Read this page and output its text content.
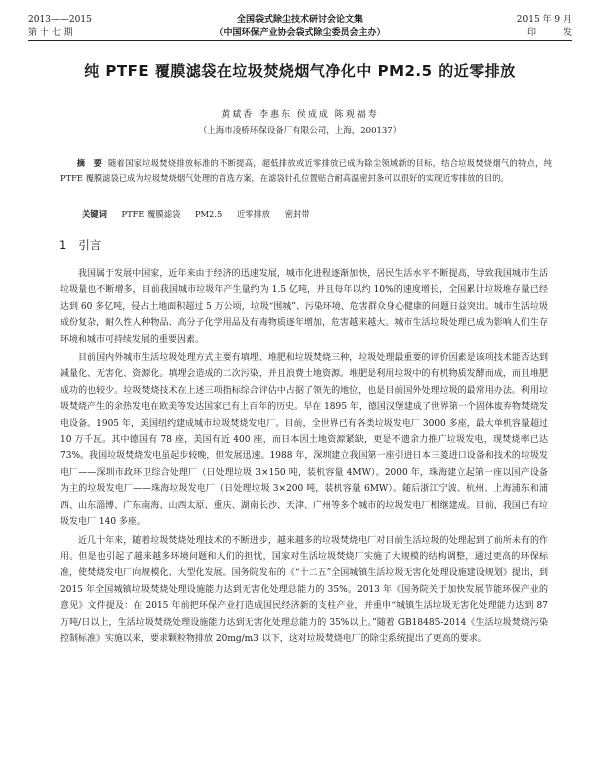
2013——2015	全国袋式除尘技术研讨会论文集	2015 年 9 月
第 十 七 期	（中国环保产业协会袋式除尘委员会主办）	印　　　发
纯 PTFE 覆膜滤袋在垃圾焚烧烟气净化中 PM2.5 的近零排放
黄斌香 李惠东 侯成成 陈观福寿
（上海市凌桥环保设备厂有限公司，上海，200137）

摘　要 随着国家垃圾焚烧排放标准的不断提高，超低排放或近零排放已成为除尘领域新的目标，结合垃圾焚烧烟气的特点，纯 PTFE 覆膜滤袋已成为垃圾焚烧烟气处理的首选方案，在滤袋针孔位置贴合耐高温密封条可以很好的实现近零排放的目的。

关键词 PTFE 覆膜滤袋 PM2.5 近零排放 密封带
1 引言

我国属于发展中国家，近年来由于经济的迅速发展，城市化进程逐渐加快，居民生活水平不断提高，导致我国城市生活垃圾量也不断增多，目前我国城市垃圾年产生量约为 1.5 亿吨，并且每年以约 10%的速度增长，全国累计垃圾堆存量已经达到 60 多亿吨，侵占土地面积超过 5 万公顷，垃圾“围城”、污染环境、危害群众身心健康的问题日益突出。城市生活垃圾成份复杂，耐久性人种物品、高分子化学用品及有毒物质逐年增加，危害越来越大。城市生活垃圾处理已成为影响人们生存环境和城市可持续发展的重要因素。

目前国内外城市生活垃圾处理方式主要有填埋、堆肥和垃圾焚烧三种，垃圾处理最重要的评价因素是该项技术能否达到减量化、无害化、资源化。填埋会造成的二次污染，并且浪费土地资源。堆肥是利用垃圾中的有机物质发酵而成，而且堆肥成功的也较少。垃圾焚烧技术在上述三项指标综合评估中占据了领先的地位，也是目前国外处理垃圾的最常用办法。利用垃圾焚烧产生的余热发电在欧美等发达国家已有上百年的历史。早在 1895 年，德国汉堡建成了世界第一个固体废弃物焚烧发电设备。1905 年，美国纽约建成城市垃圾焚烧发电厂。目前，全世界已有各类垃圾发电厂 3000 多座，最大单机容量超过 10 万千瓦。其中德国有 78 座，美国有近 400 座，而日本因土地资源紧缺，更是不遗余力推广垃圾发电，现焚烧率已达 73%。我国垃圾焚烧发电虽起步较晚，但发展迅速。1988 年，深圳建立我国第一座引进日本三菱进口设备和技术的垃圾发电厂——深圳市政环卫综合处理厂（日处理垃圾 3×150 吨，装机容量 4MW）。2000 年，珠海建立起第一座以国产设备为主的垃圾发电厂——珠海垃圾发电厂（日处理垃圾 3×200 吨，装机容量 6MW）。随后浙江宁波、杭州、上海浦东和浦西、山东淄博、广东南海、山西太原、重庆、湖南长沙、天津、广州等多个城市的垃圾发电厂相继建成。目前，我国已有垃圾发电厂 140 多座。

近几十年来，随着垃圾焚烧处理技术的不断进步，越来越多的垃圾焚烧电厂对目前生活垃圾的处理起到了前所未有的作用。但是也引起了越来越多环境问题和人们的担忧，国家对生活垃圾焚烧厂实施了大规模的结构调整，通过更高的环保标准，使焚烧发电厂向规模化、大型化发展。国务院发布的《“十二五”全国城镇生活垃圾无害化处理设施建设规划》提出，到 2015 年全国城镇垃圾焚烧处理设施能力达到无害化处理总能力的 35%。2013 年《国务院关于加快发展节能环保产业的意见》文件提及：在 2015 年前把环保产业打造成国民经济新的支柱产业，并重申“城镇生活垃圾无害化处理能力达到 87 万吨/日以上，生活垃圾焚烧处理设施能力达到无害化处理总能力的 35%以上。”随着 GB18485-2014《生活垃圾焚烧污染控制标准》实施以来，要求颗粒物排放 20mg/m3 以下，这对垃圾焚烧电厂的除尘系统提出了更高的要求。
